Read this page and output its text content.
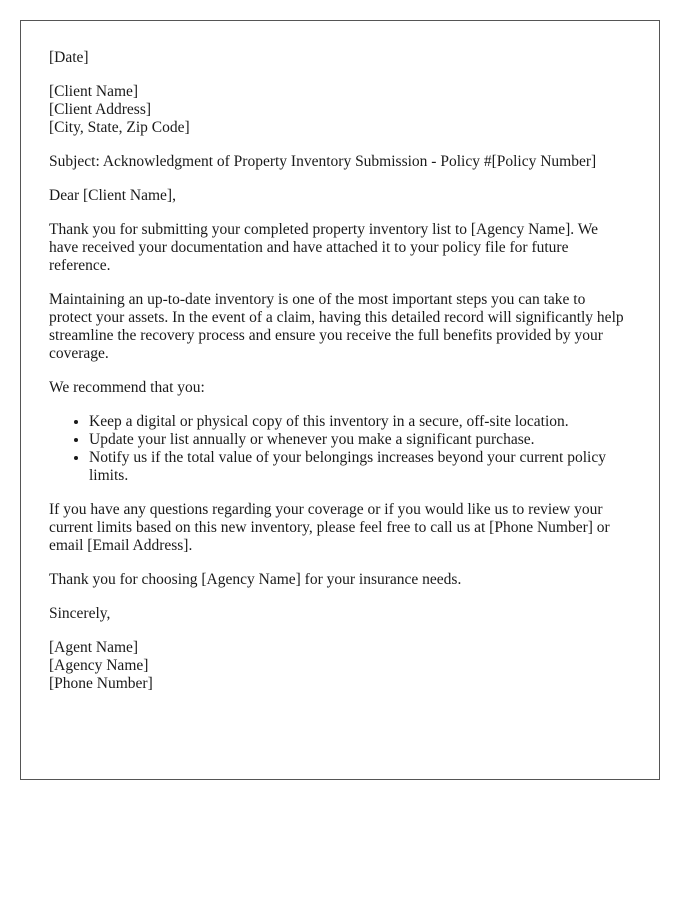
[Date]
[Client Name]
[Client Address]
[City, State, Zip Code]

Subject: Acknowledgment of Property Inventory Submission - Policy #[Policy Number]

Dear [Client Name],

Thank you for submitting your completed property inventory list to [Agency Name]. We have received your documentation and have attached it to your policy file for future reference.

Maintaining an up-to-date inventory is one of the most important steps you can take to protect your assets. In the event of a claim, having this detailed record will significantly help streamline the recovery process and ensure you receive the full benefits provided by your coverage.

We recommend that you:

• Keep a digital or physical copy of this inventory in a secure, off-site location.
• Update your list annually or whenever you make a significant purchase.
• Notify us if the total value of your belongings increases beyond your current policy limits.

If you have any questions regarding your coverage or if you would like us to review your current limits based on this new inventory, please feel free to call us at [Phone Number] or email [Email Address].

Thank you for choosing [Agency Name] for your insurance needs.

Sincerely,

[Agent Name]
[Agency Name]
[Phone Number]
